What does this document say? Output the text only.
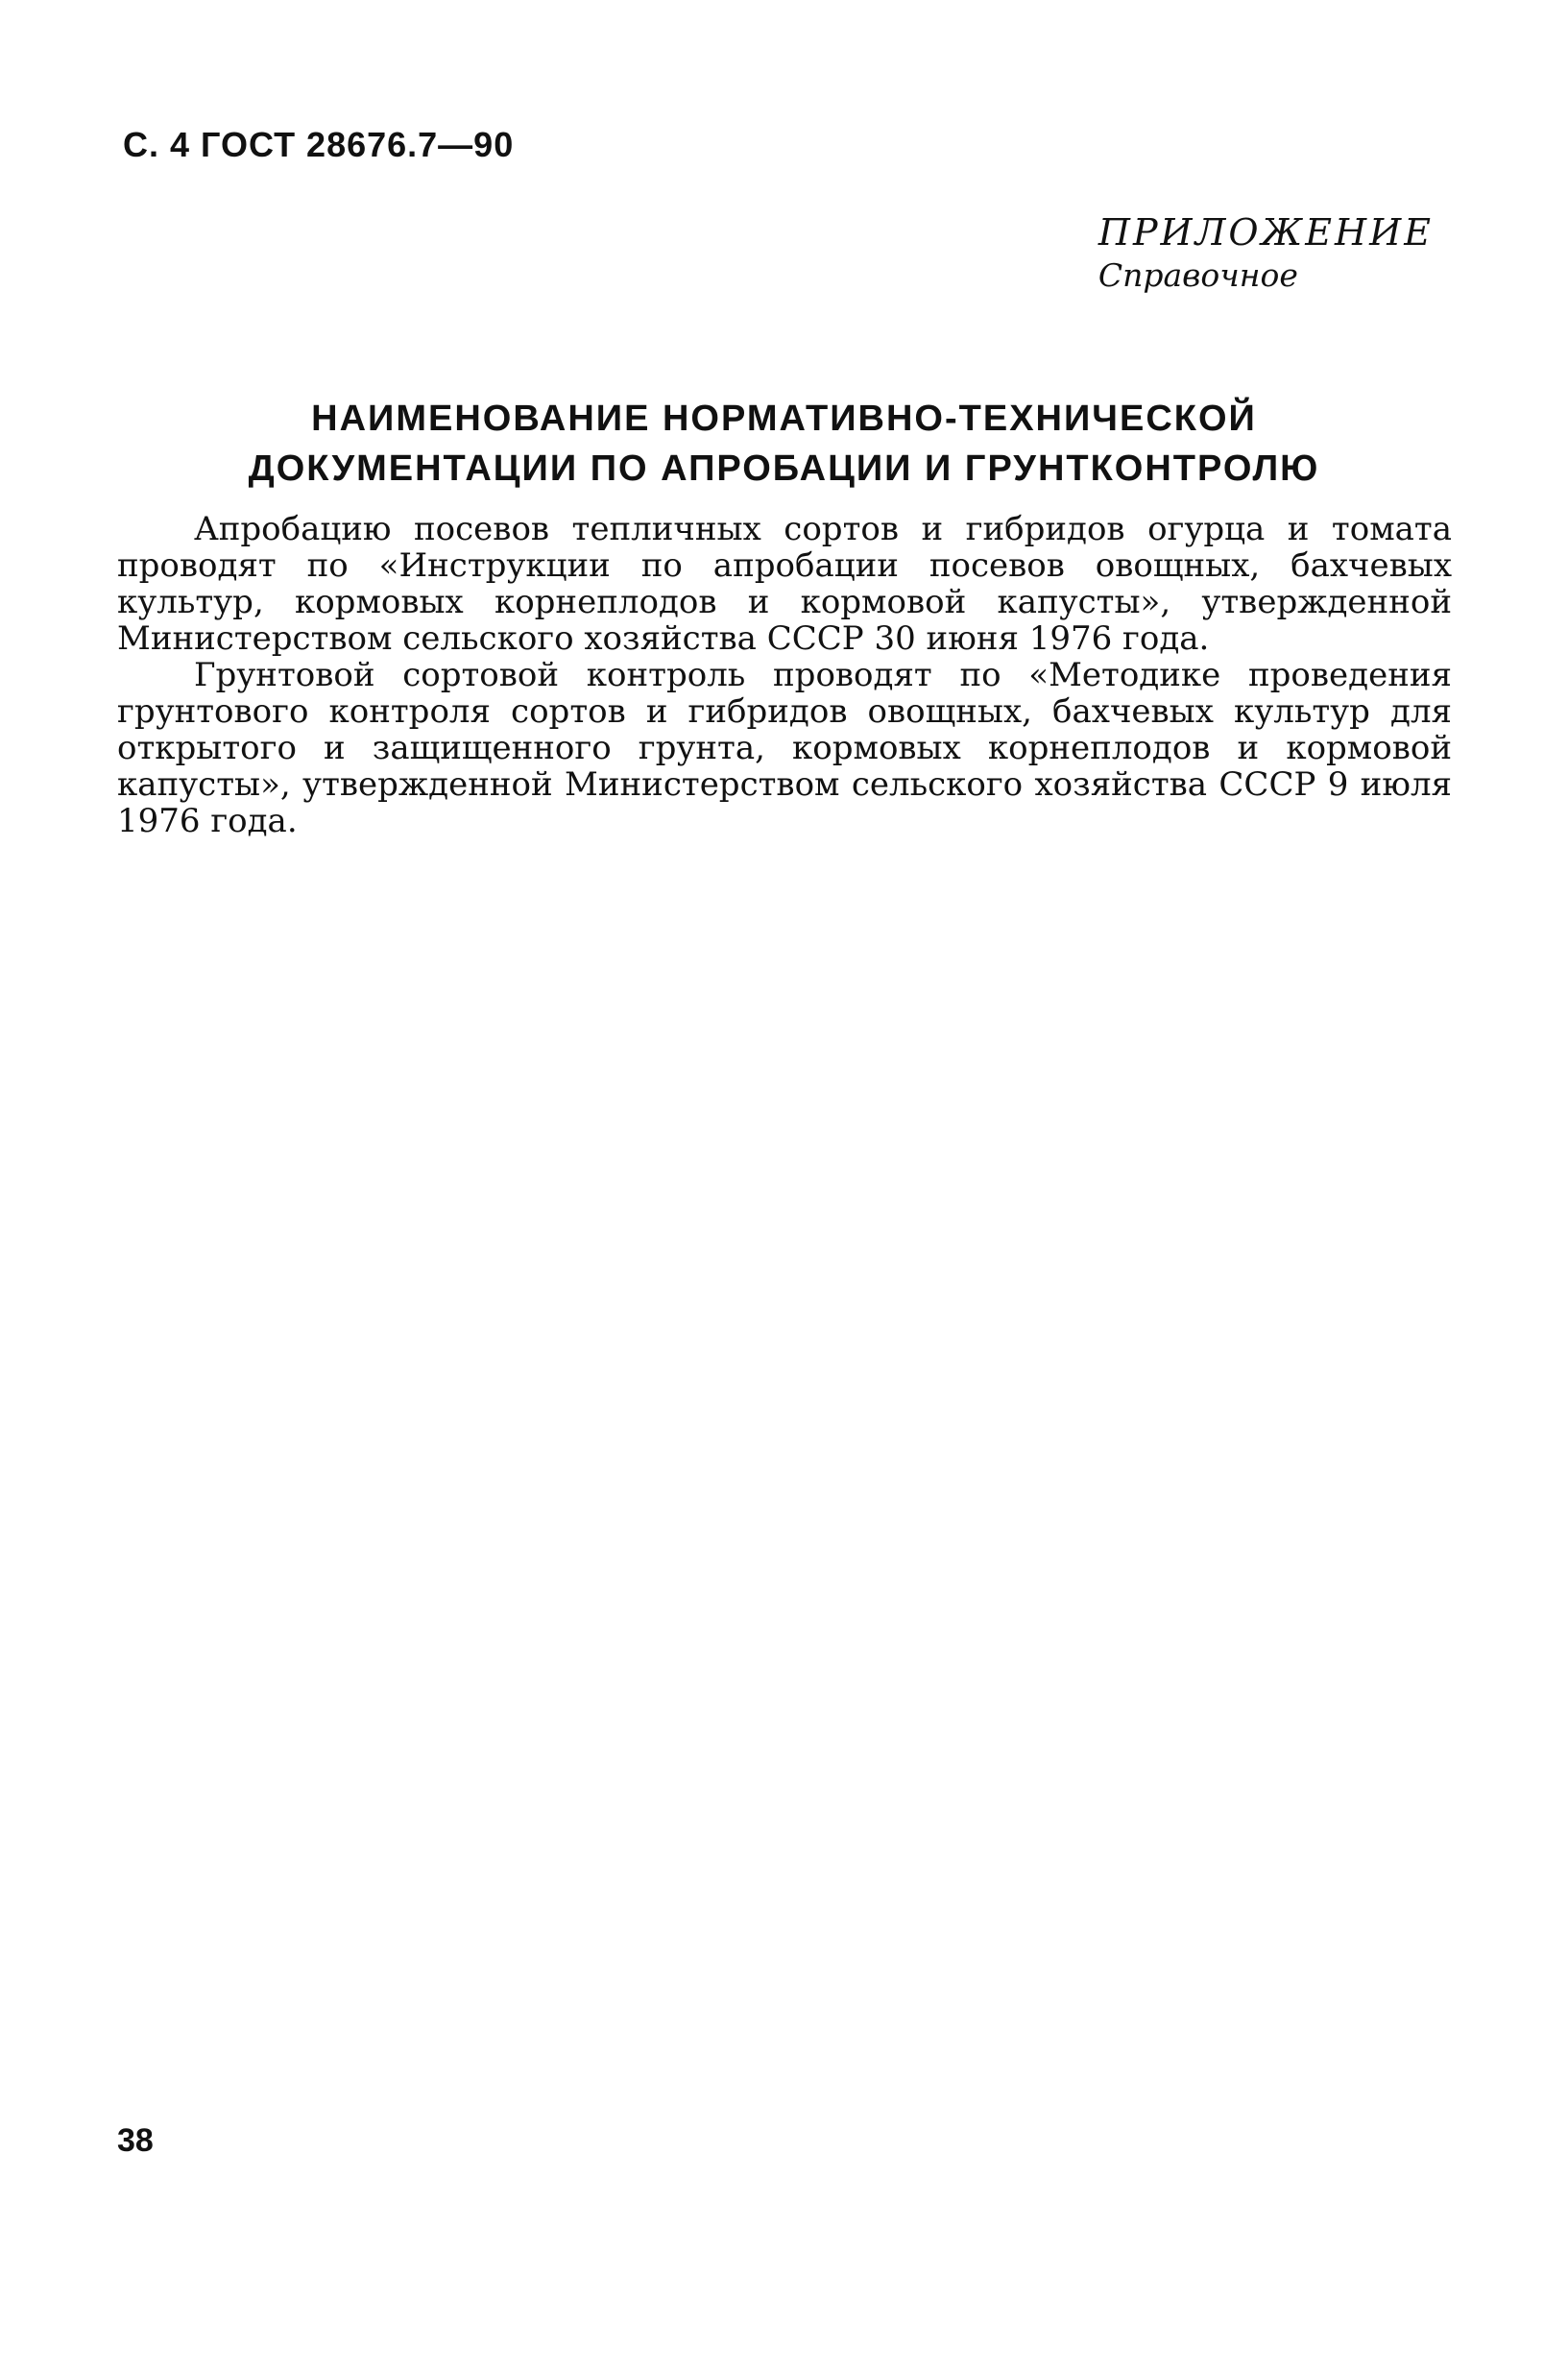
С. 4 ГОСТ 28676.7—90
ПРИЛОЖЕНИЕ
Справочное
НАИМЕНОВАНИЕ НОРМАТИВНО-ТЕХНИЧЕСКОЙ
ДОКУМЕНТАЦИИ ПО АПРОБАЦИИ И ГРУНТКОНТРОЛЮ

Апробацию посевов тепличных сортов и гибридов огурца и томата проводят по «Инструкции по апробации посевов овощных, бахчевых культур, кормовых корнеплодов и кормовой капусты», утвержденной Министерством сельского хозяйства СССР 30 июня 1976 года.

Грунтовой сортовой контроль проводят по «Методике проведения грунтового контроля сортов и гибридов овощных, бахчевых культур для открытого и защищенного грунта, кормовых корнеплодов и кормовой капусты», утвержденной Министерством сельского хозяйства СССР 9 июля 1976 года.

38
